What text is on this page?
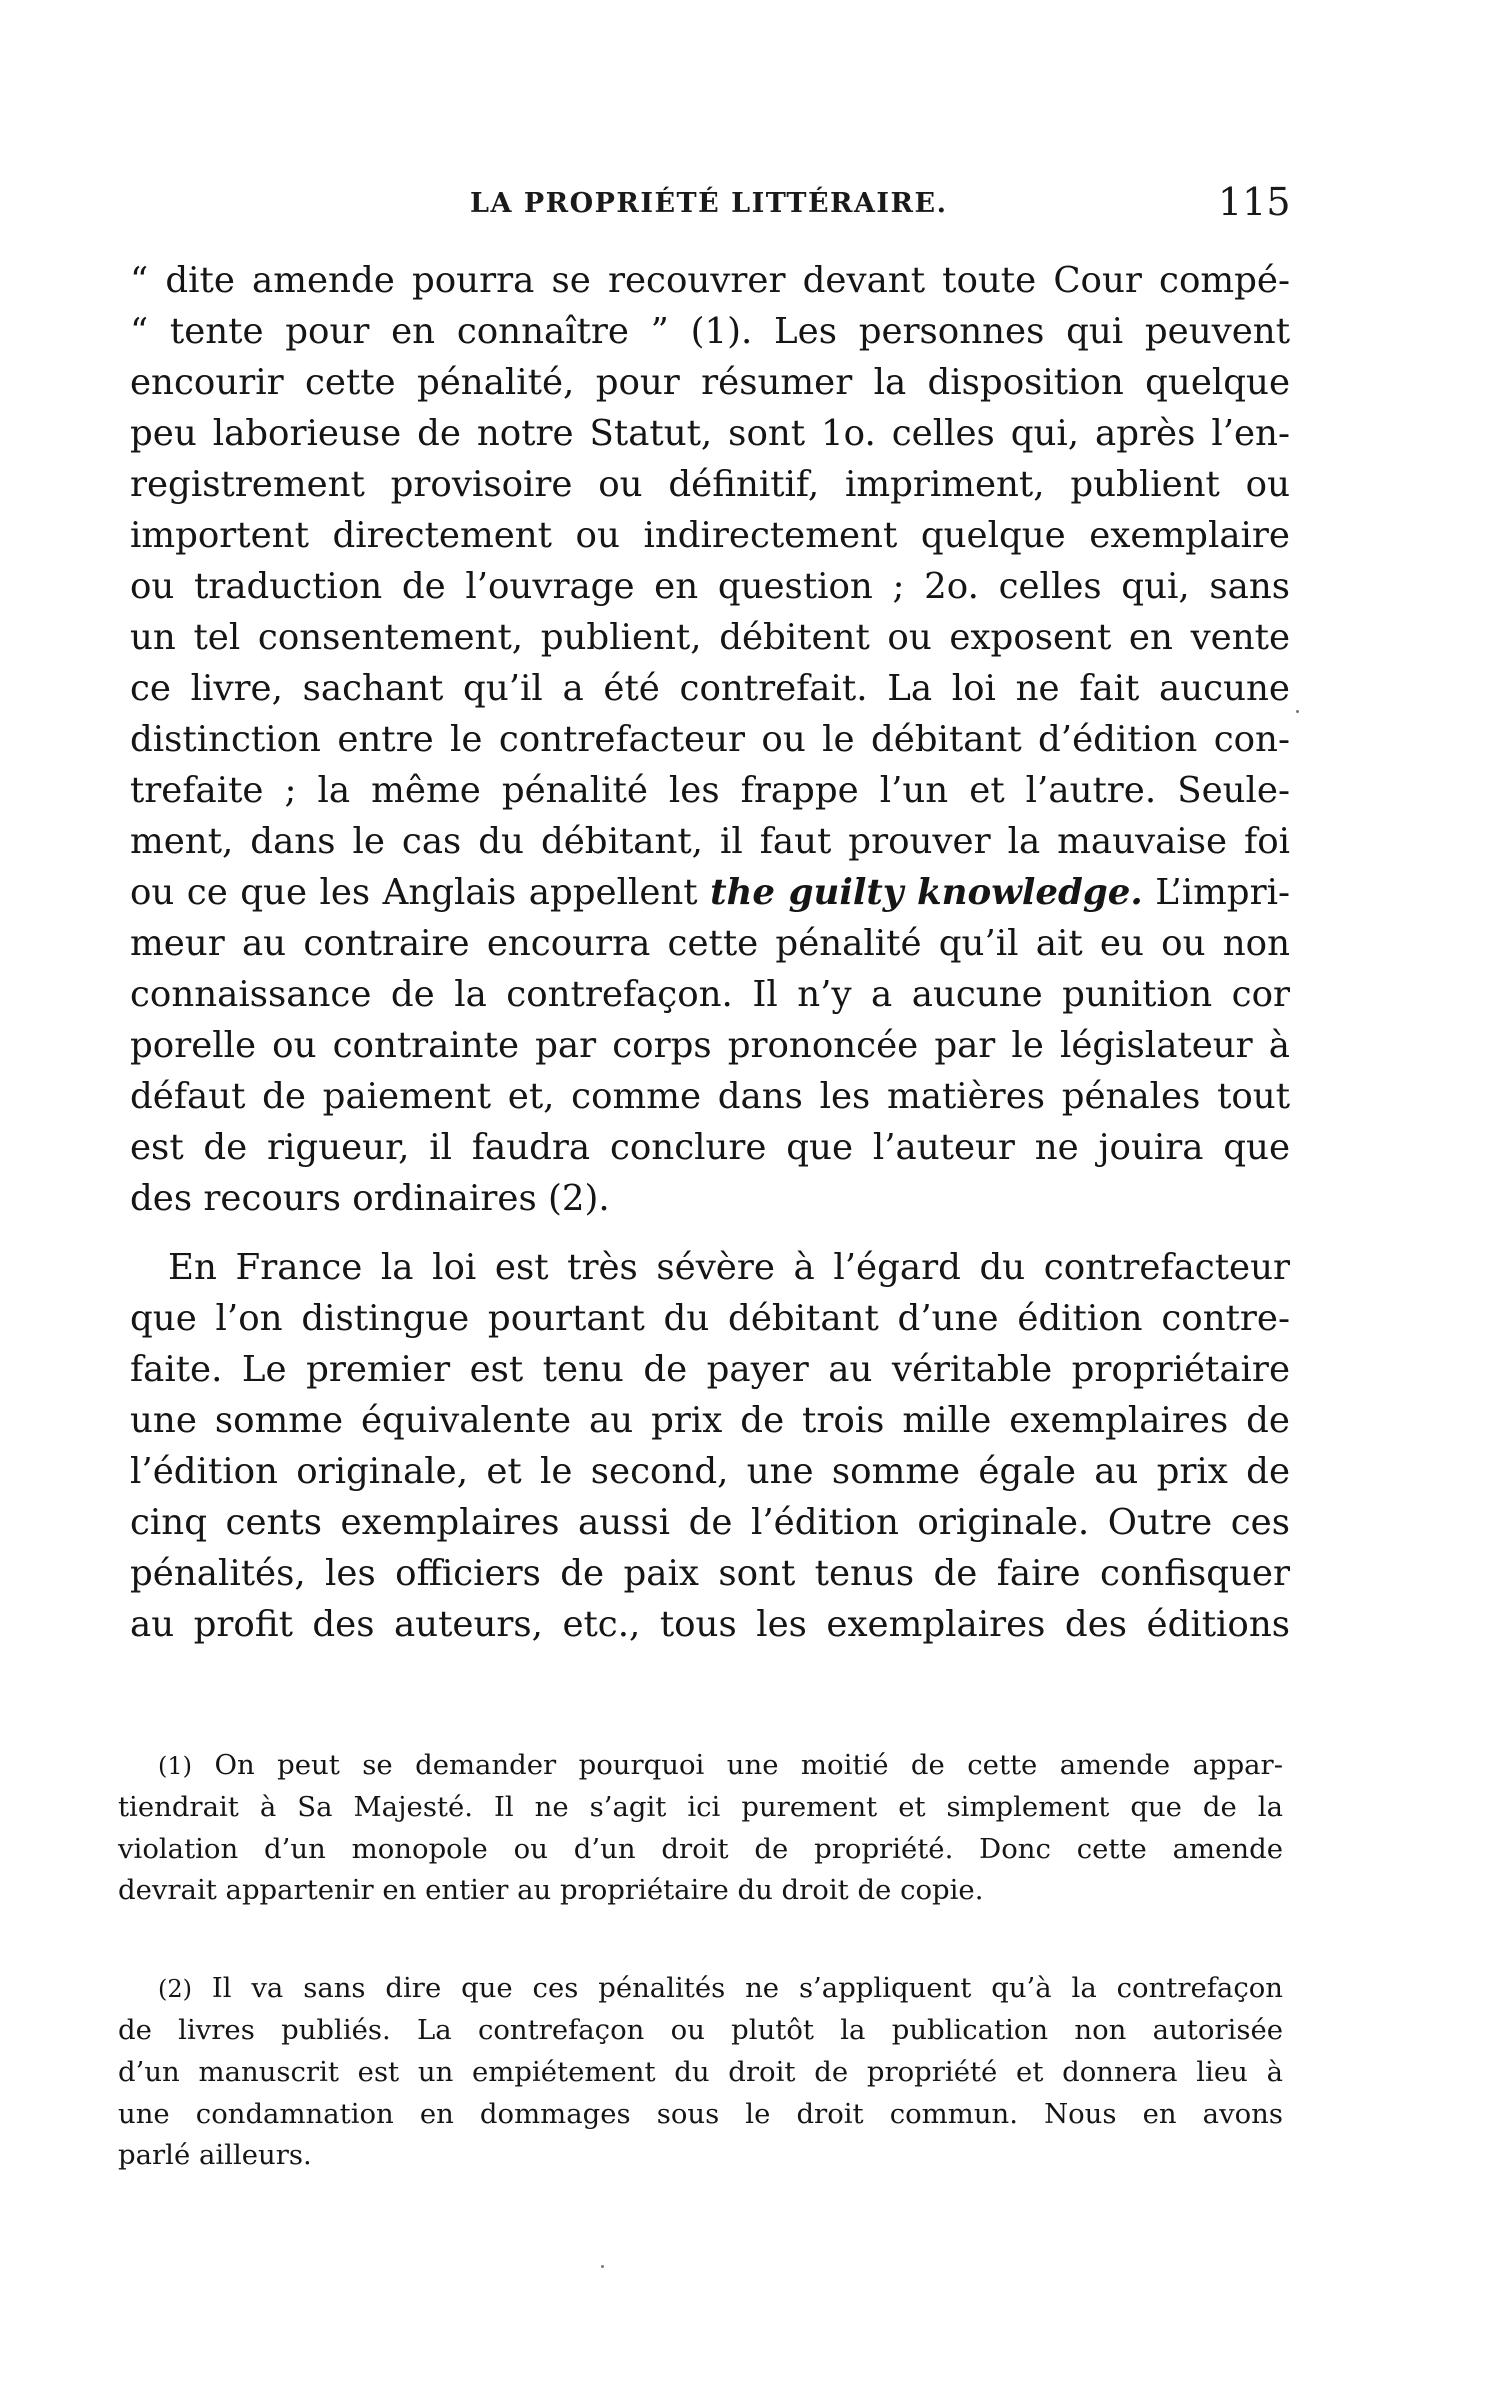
LA PROPRIÉTÉ LITTÉRAIRE.	115
“ dite amende pourra se recouvrer devant toute Cour compé-
“ tente pour en connaître ” (1). Les personnes qui peuvent
encourir cette pénalité, pour résumer la disposition quelque
peu laborieuse de notre Statut, sont 1o. celles qui, après l’en-
registrement provisoire ou définitif, impriment, publient ou
importent directement ou indirectement quelque exemplaire
ou traduction de l’ouvrage en question ; 2o. celles qui, sans
un tel consentement, publient, débitent ou exposent en vente
ce livre, sachant qu’il a été contrefait. La loi ne fait aucune
distinction entre le contrefacteur ou le débitant d’édition con-
trefaite ; la même pénalité les frappe l’un et l’autre. Seule-
ment, dans le cas du débitant, il faut prouver la mauvaise foi
ou ce que les Anglais appellent the guilty knowledge. L’impri-
meur au contraire encourra cette pénalité qu’il ait eu ou non
connaissance de la contrefaçon. Il n’y a aucune punition cor
porelle ou contrainte par corps prononcée par le législateur à
défaut de paiement et, comme dans les matières pénales tout
est de rigueur, il faudra conclure que l’auteur ne jouira que
des recours ordinaires (2).
En France la loi est très sévère à l’égard du contrefacteur
que l’on distingue pourtant du débitant d’une édition contre-
faite. Le premier est tenu de payer au véritable propriétaire
une somme équivalente au prix de trois mille exemplaires de
l’édition originale, et le second, une somme égale au prix de
cinq cents exemplaires aussi de l’édition originale. Outre ces
pénalités, les officiers de paix sont tenus de faire confisquer
au profit des auteurs, etc., tous les exemplaires des éditions
(1) On peut se demander pourquoi une moitié de cette amende appar-
tiendrait à Sa Majesté. Il ne s’agit ici purement et simplement que de la
violation d’un monopole ou d’un droit de propriété. Donc cette amende
devrait appartenir en entier au propriétaire du droit de copie.
(2) Il va sans dire que ces pénalités ne s’appliquent qu’à la contrefaçon
de livres publiés. La contrefaçon ou plutôt la publication non autorisée
d’un manuscrit est un empiétement du droit de propriété et donnera lieu à
une condamnation en dommages sous le droit commun. Nous en avons
parlé ailleurs.
